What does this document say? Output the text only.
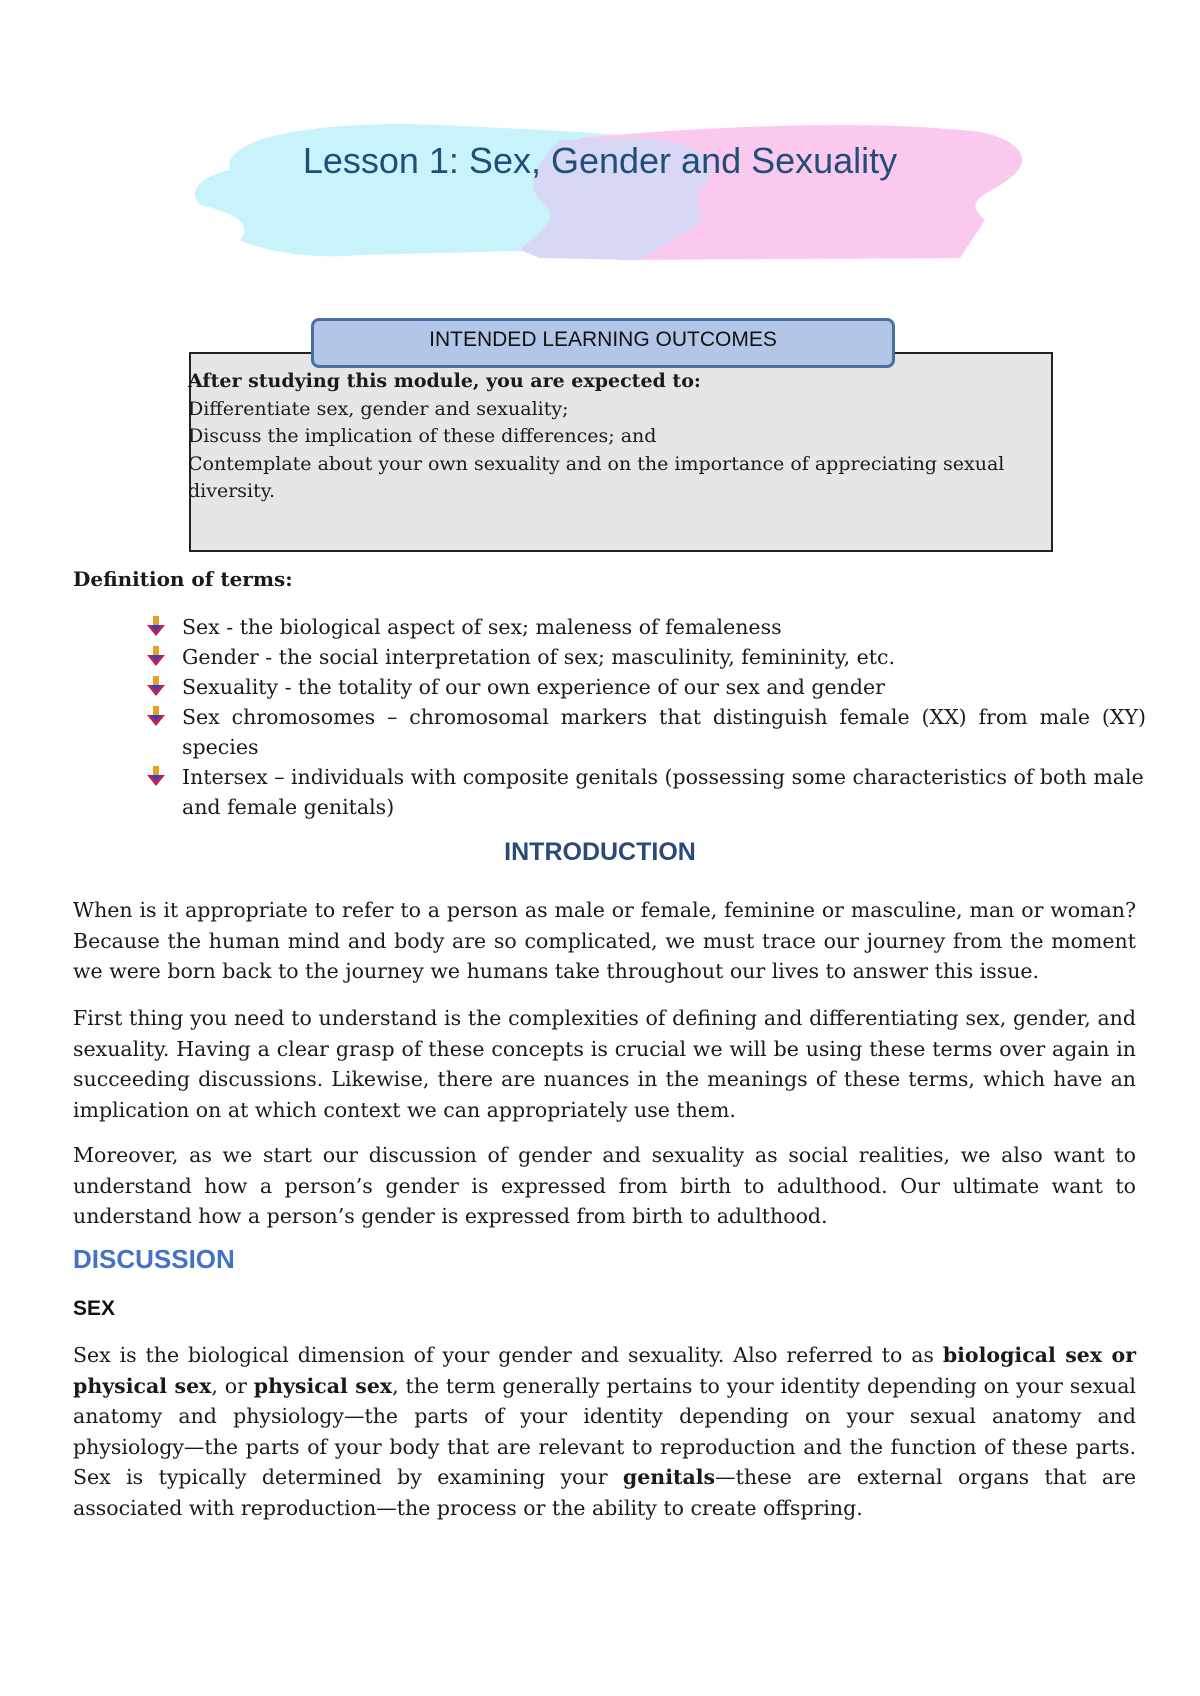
Lesson 1: Sex, Gender and Sexuality
INTENDED LEARNING OUTCOMES
After studying this module, you are expected to:
Differentiate sex, gender and sexuality;
Discuss the implication of these differences; and
Contemplate about your own sexuality and on the importance of appreciating sexual diversity.
Definition of terms:
Sex - the biological aspect of sex; maleness of femaleness
Gender - the social interpretation of sex; masculinity, femininity, etc.
Sexuality - the totality of our own experience of our sex and gender
Sex chromosomes – chromosomal markers that distinguish female (XX) from male (XY) species
Intersex – individuals with composite genitals (possessing some characteristics of both male and female genitals)
INTRODUCTION

When is it appropriate to refer to a person as male or female, feminine or masculine, man or woman? Because the human mind and body are so complicated, we must trace our journey from the moment we were born back to the journey we humans take throughout our lives to answer this issue.

First thing you need to understand is the complexities of defining and differentiating sex, gender, and sexuality. Having a clear grasp of these concepts is crucial we will be using these terms over again in succeeding discussions. Likewise, there are nuances in the meanings of these terms, which have an implication on at which context we can appropriately use them.

Moreover, as we start our discussion of gender and sexuality as social realities, we also want to understand how a person’s gender is expressed from birth to adulthood. Our ultimate want to understand how a person’s gender is expressed from birth to adulthood.

DISCUSSION
SEX

Sex is the biological dimension of your gender and sexuality. Also referred to as biological sex or physical sex, or physical sex, the term generally pertains to your identity depending on your sexual anatomy and physiology—the parts of your identity depending on your sexual anatomy and physiology—the parts of your body that are relevant to reproduction and the function of these parts. Sex is typically determined by examining your genitals—these are external organs that are associated with reproduction—the process or the ability to create offspring.
